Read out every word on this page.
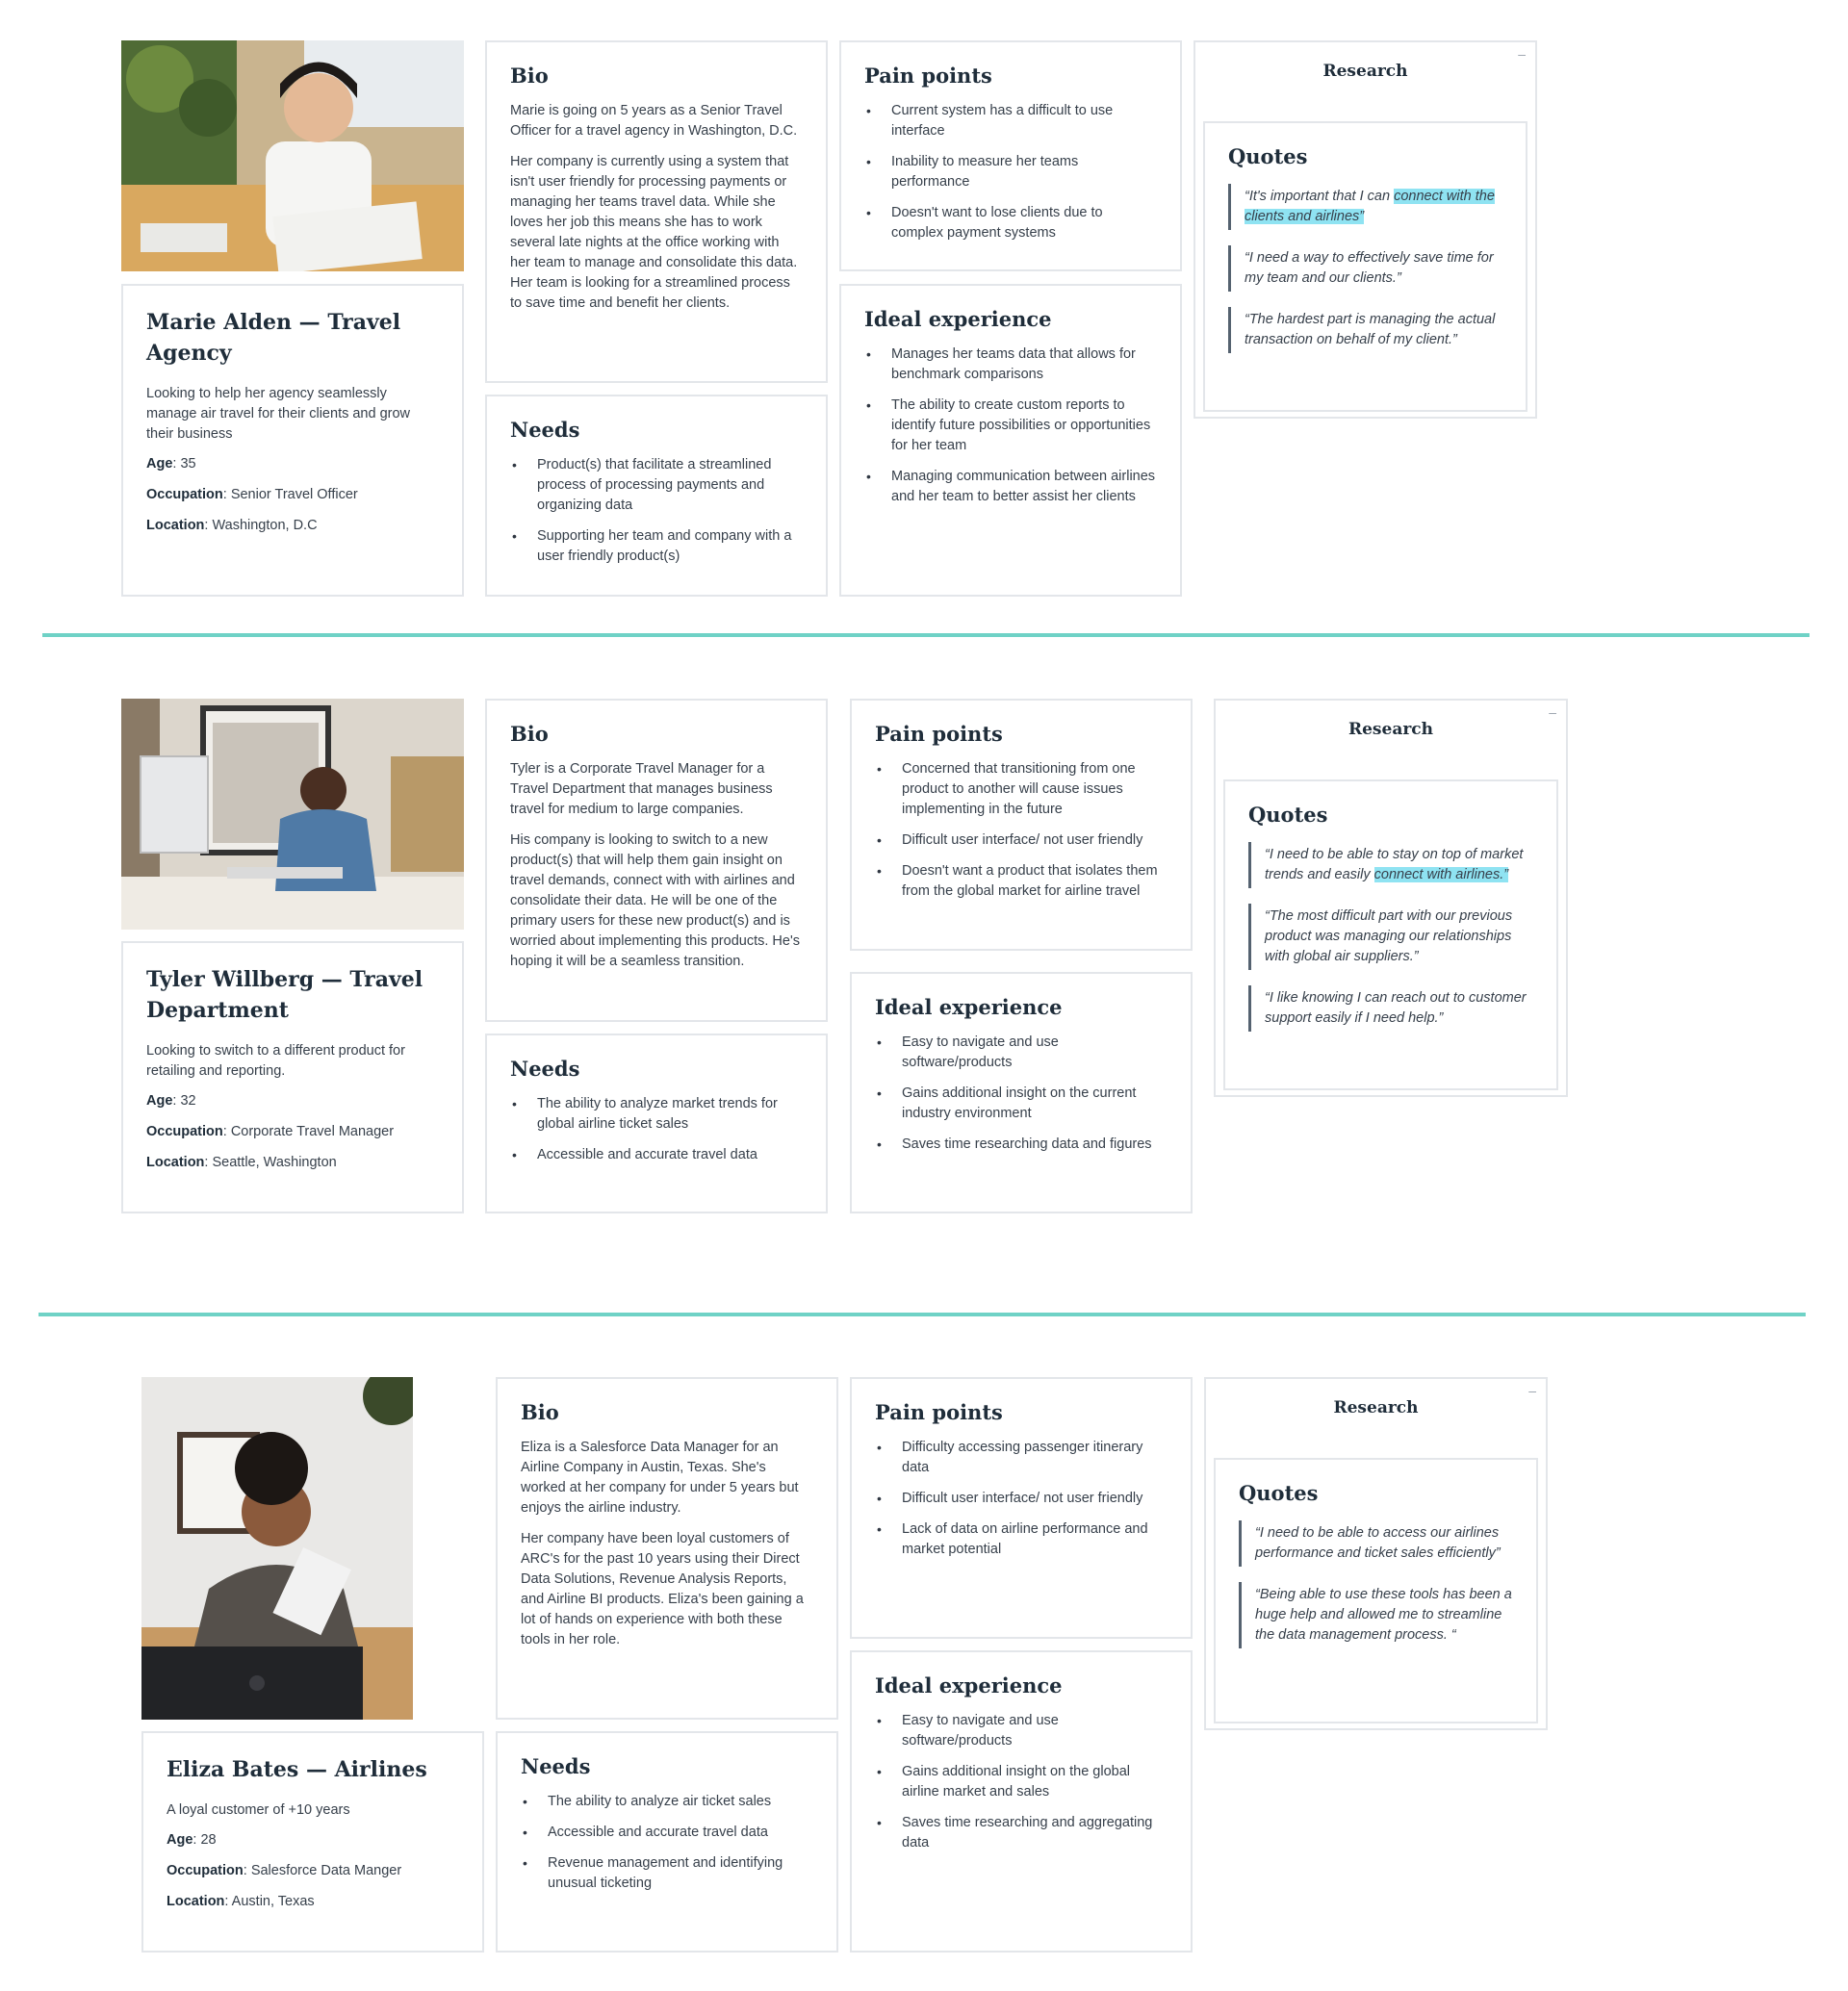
Marie Alden — Travel Agency

Looking to help her agency seamlessly manage air travel for their clients and grow their business

Age: 35
Occupation: Senior Travel Officer
Location: Washington, D.C
Bio

Marie is going on 5 years as a Senior Travel Officer for a travel agency in Washington, D.C.

Her company is currently using a system that isn't user friendly for processing payments or managing her teams travel data. While she loves her job this means she has to work several late nights at the office working with her team to manage and consolidate this data. Her team is looking for a streamlined process to save time and benefit her clients.

Needs
• Product(s) that facilitate a streamlined process of processing payments and organizing data
• Supporting her team and company with a user friendly product(s)
Pain points
• Current system has a difficult to use interface
• Inability to measure her teams performance
• Doesn't want to lose clients due to complex payment systems
Ideal experience
• Manages her teams data that allows for benchmark comparisons
• The ability to create custom reports to identify future possibilities or opportunities for her team
• Managing communication between airlines and her team to better assist her clients
–
Research
Quotes
“It's important that I can connect with the clients and airlines”
“I need a way to effectively save time for my team and our clients.”
“The hardest part is managing the actual transaction on behalf of my client.”
Tyler Willberg — Travel Department

Looking to switch to a different product for retailing and reporting.

Age: 32
Occupation: Corporate Travel Manager
Location: Seattle, Washington
Bio

Tyler is a Corporate Travel Manager for a Travel Department that manages business travel for medium to large companies.

His company is looking to switch to a new product(s) that will help them gain insight on travel demands, connect with with airlines and consolidate their data. He will be one of the primary users for these new product(s) and is worried about implementing this products. He's hoping it will be a seamless transition.

Needs
• The ability to analyze market trends for global airline ticket sales
• Accessible and accurate travel data
Pain points
• Concerned that transitioning from one product to another will cause issues implementing in the future
• Difficult user interface/ not user friendly
• Doesn't want a product that isolates them from the global market for airline travel
Ideal experience
• Easy to navigate and use software/products
• Gains additional insight on the current industry environment
• Saves time researching data and figures
–
Research
Quotes
“I need to be able to stay on top of market trends and easily connect with airlines.”
“The most difficult part with our previous product was managing our relationships with global air suppliers.”
“I like knowing I can reach out to customer support easily if I need help.”
Eliza Bates — Airlines

A loyal customer of +10 years

Age: 28
Occupation: Salesforce Data Manger
Location: Austin, Texas
Bio

Eliza is a Salesforce Data Manager for an Airline Company in Austin, Texas. She's worked at her company for under 5 years but enjoys the airline industry.

Her company have been loyal customers of ARC's for the past 10 years using their Direct Data Solutions, Revenue Analysis Reports, and Airline BI products. Eliza's been gaining a lot of hands on experience with both these tools in her role.

Needs
• The ability to analyze air ticket sales
• Accessible and accurate travel data
• Revenue management and identifying unusual ticketing
Pain points
• Difficulty accessing passenger itinerary data
• Difficult user interface/ not user friendly
• Lack of data on airline performance and market potential
Ideal experience
• Easy to navigate and use software/products
• Gains additional insight on the global airline market and sales
• Saves time researching and aggregating data
–
Research
Quotes
“I need to be able to access our airlines performance and ticket sales efficiently”
“Being able to use these tools has been a huge help and allowed me to streamline the data management process. “
